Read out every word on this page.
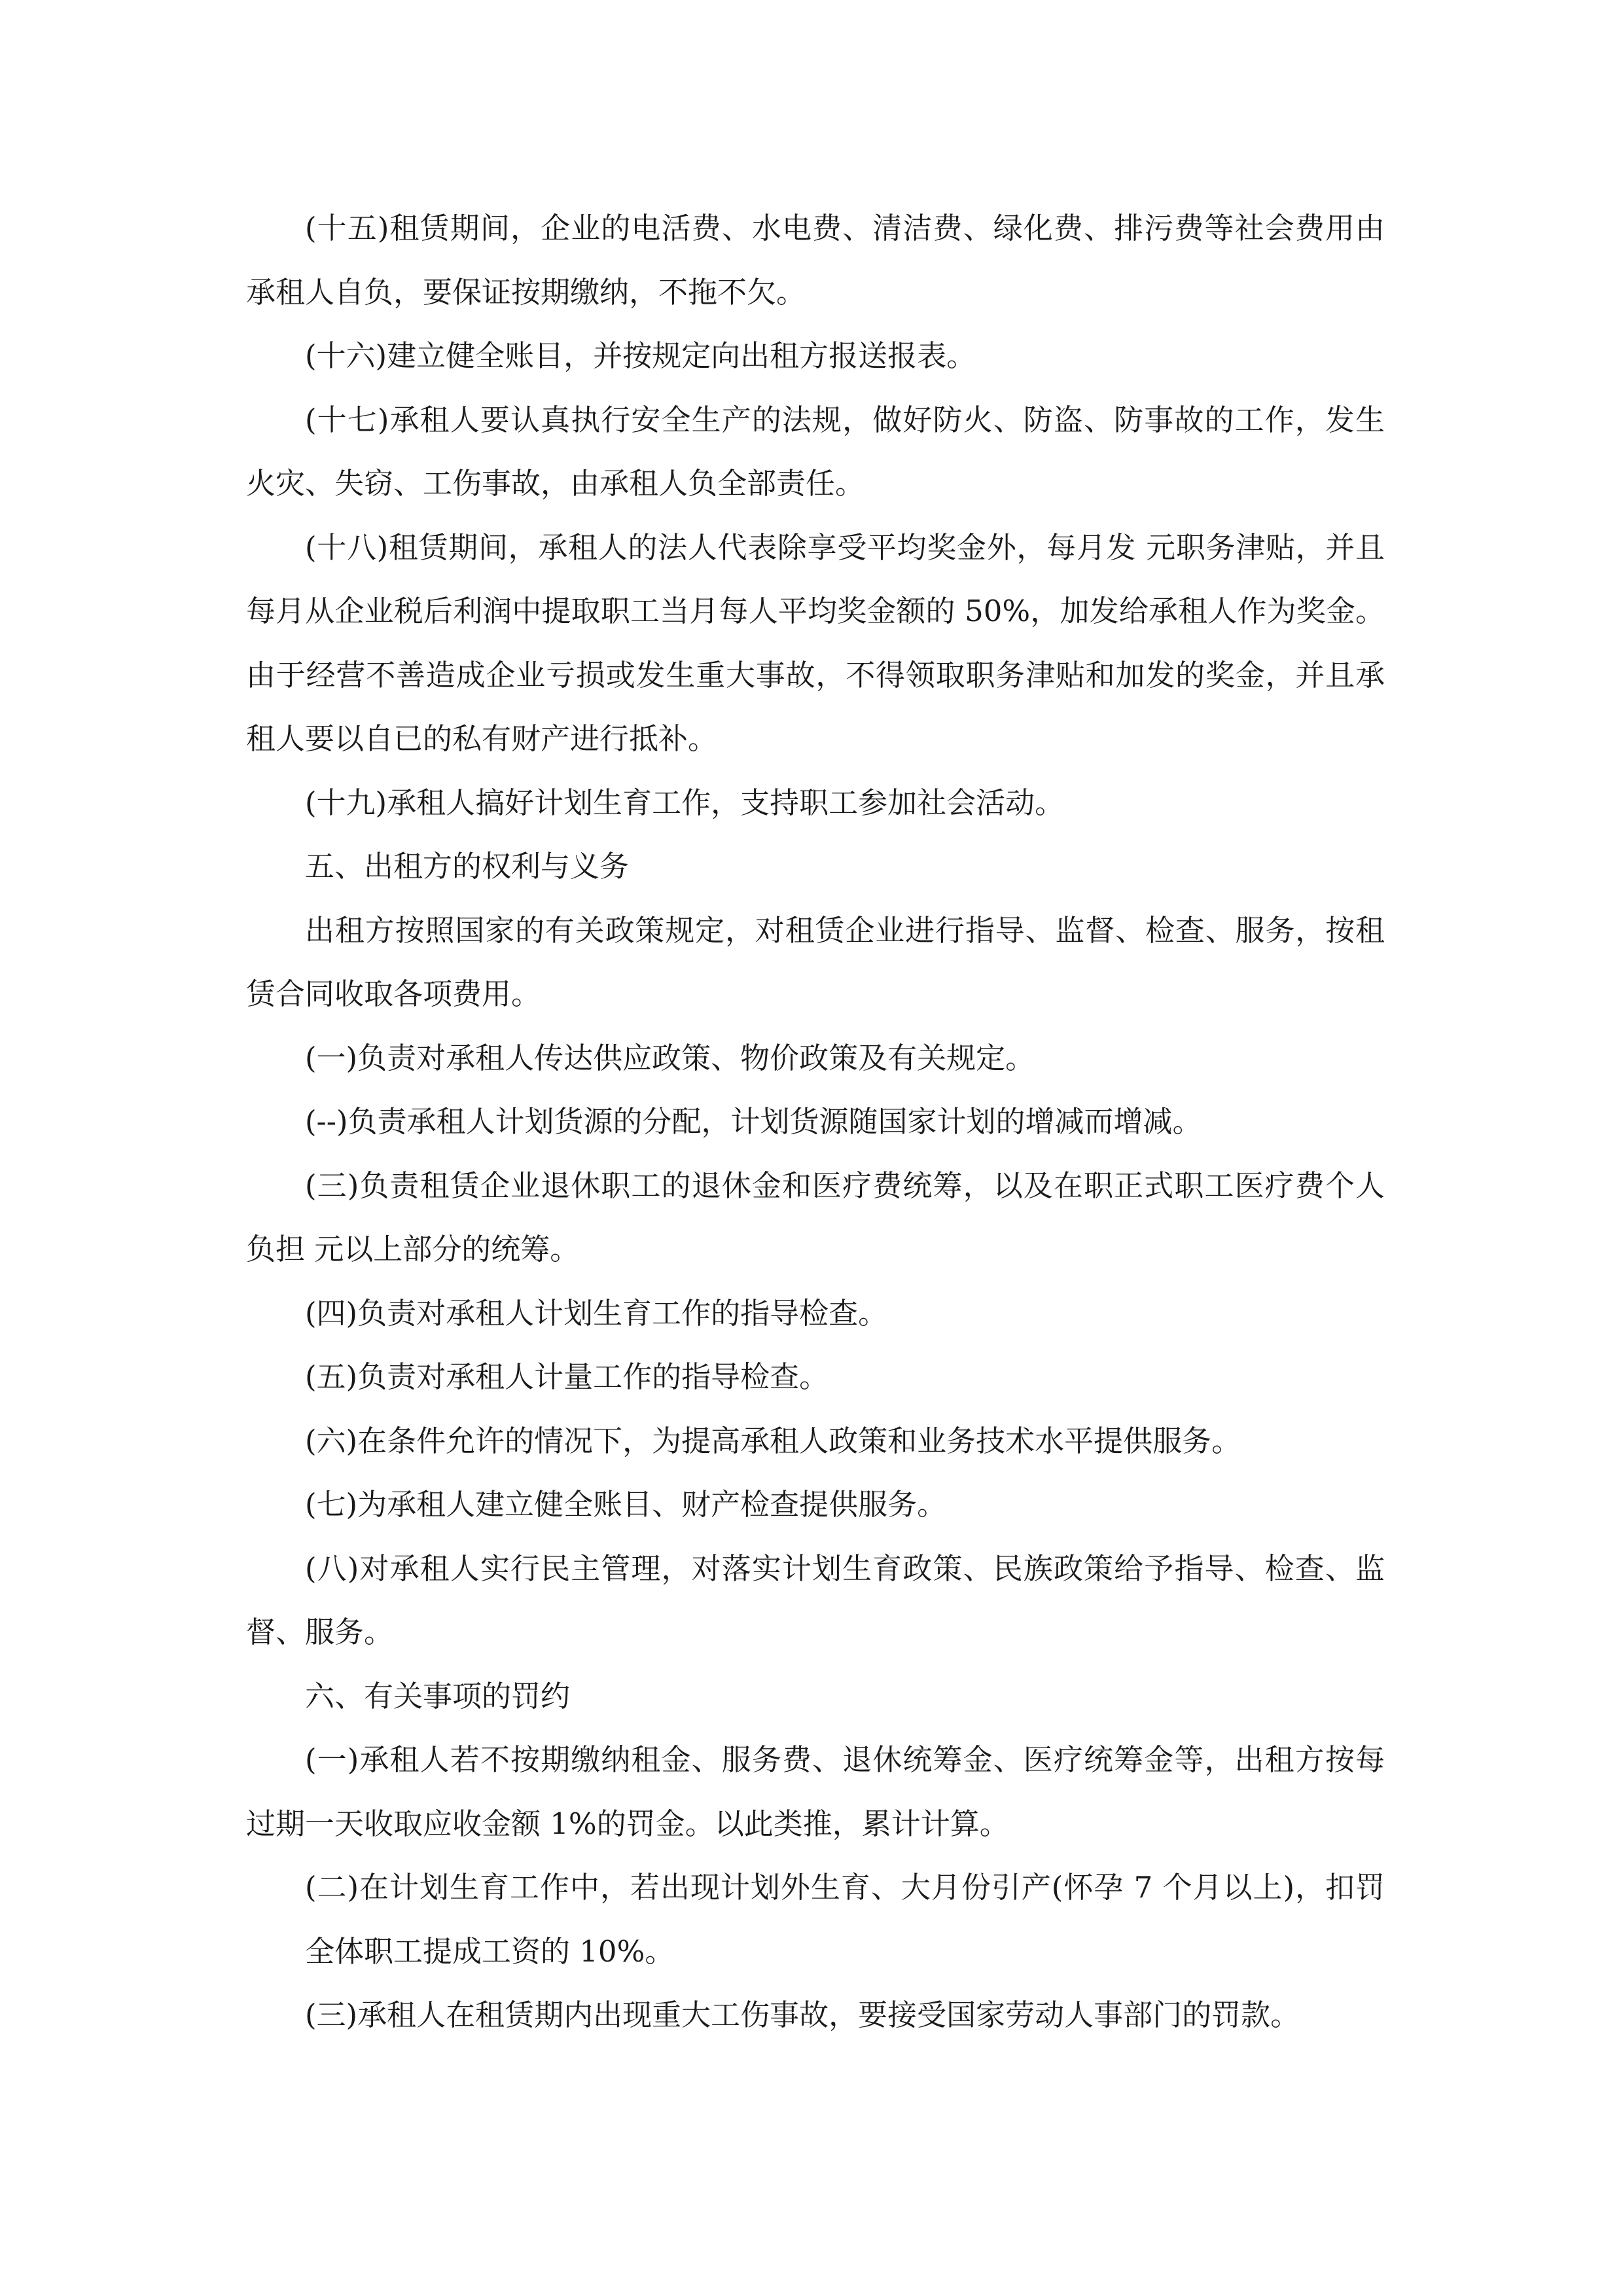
(十五)租赁期间，企业的电活费、水电费、清洁费、绿化费、排污费等社会费用由承租人自负，要保证按期缴纳，不拖不欠。

(十六)建立健全账目，并按规定向出租方报送报表。

(十七)承租人要认真执行安全生产的法规，做好防火、防盗、防事故的工作，发生火灾、失窃、工伤事故，由承租人负全部责任。

(十八)租赁期间，承租人的法人代表除享受平均奖金外，每月发 元职务津贴，并且每月从企业税后利润中提取职工当月每人平均奖金额的 50%，加发给承租人作为奖金。由于经营不善造成企业亏损或发生重大事故，不得领取职务津贴和加发的奖金，并且承租人要以自已的私有财产进行抵补。

(十九)承租人搞好计划生育工作，支持职工参加社会活动。

五、出租方的权利与义务

出租方按照国家的有关政策规定，对租赁企业进行指导、监督、检查、服务，按租赁合同收取各项费用。

(一)负责对承租人传达供应政策、物价政策及有关规定。

(--)负责承租人计划货源的分配，计划货源随国家计划的增减而增减。

(三)负责租赁企业退休职工的退休金和医疗费统筹，以及在职正式职工医疗费个人负担 元以上部分的统筹。

(四)负责对承租人计划生育工作的指导检查。

(五)负责对承租人计量工作的指导检查。

(六)在条件允许的情况下，为提高承租人政策和业务技术水平提供服务。

(七)为承租人建立健全账目、财产检查提供服务。

(八)对承租人实行民主管理，对落实计划生育政策、民族政策给予指导、检查、监督、服务。

六、有关事项的罚约

(一)承租人若不按期缴纳租金、服务费、退休统筹金、医疗统筹金等，出租方按每过期一天收取应收金额 1%的罚金。以此类推，累计计算。

(二)在计划生育工作中，若出现计划外生育、大月份引产(怀孕 7 个月以上)，扣罚全体职工提成工资的 10%。

(三)承租人在租赁期内出现重大工伤事故，要接受国家劳动人事部门的罚款。
